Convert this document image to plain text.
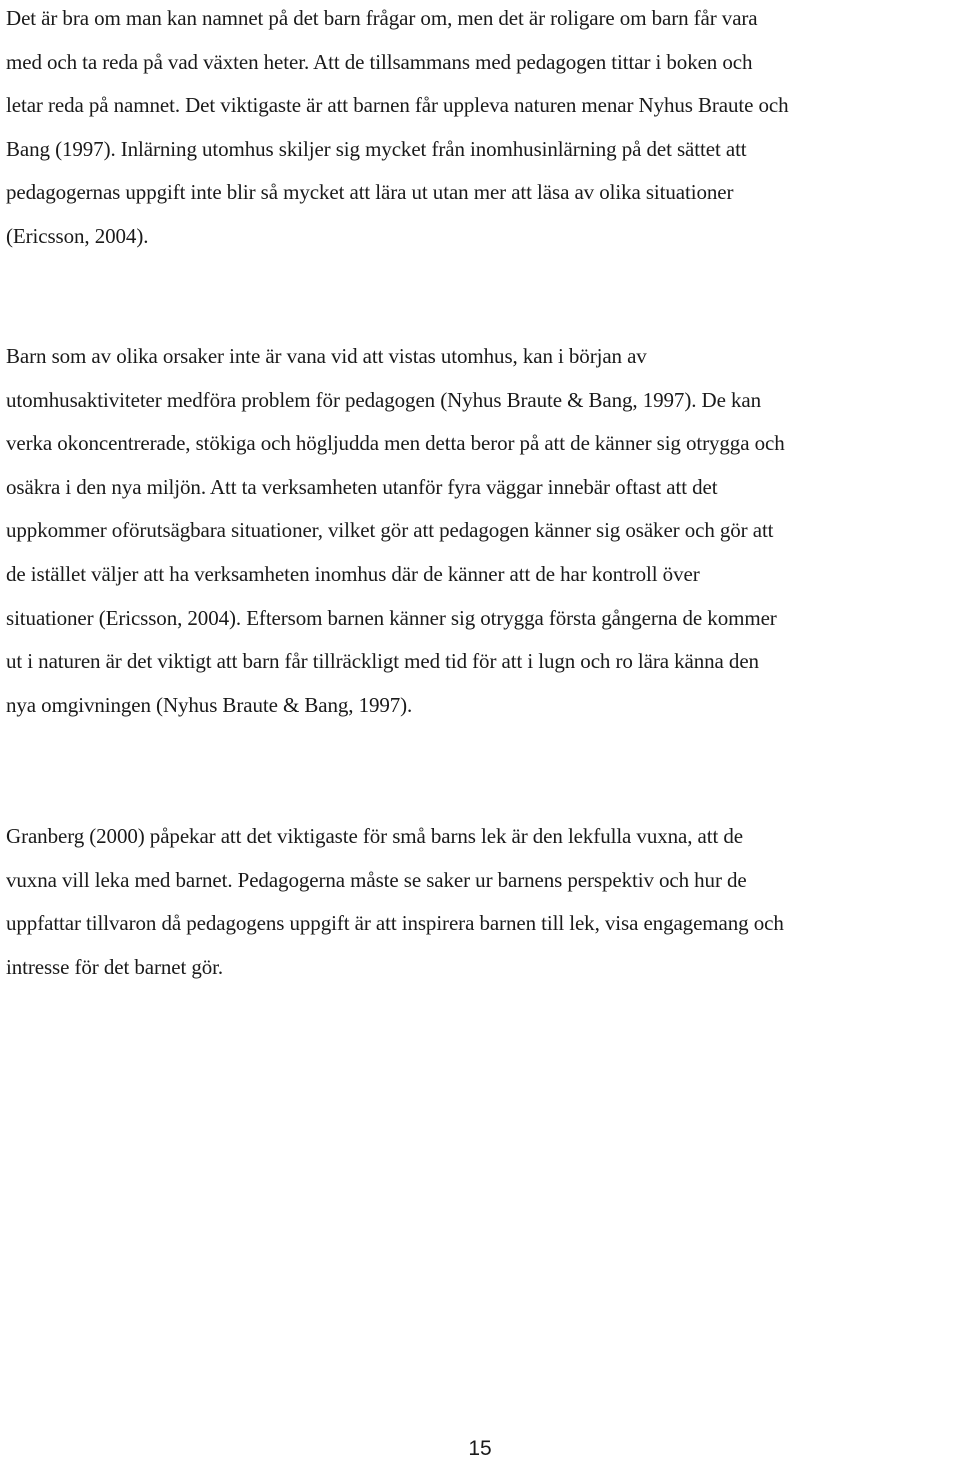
Det är bra om man kan namnet på det barn frågar om, men det är roligare om barn får vara
med och ta reda på vad växten heter. Att de tillsammans med pedagogen tittar i boken och
letar reda på namnet. Det viktigaste är att barnen får uppleva naturen menar Nyhus Braute och
Bang (1997). Inlärning utomhus skiljer sig mycket från inomhusinlärning på det sättet att
pedagogernas uppgift inte blir så mycket att lära ut utan mer att läsa av olika situationer
(Ericsson, 2004).

Barn som av olika orsaker inte är vana vid att vistas utomhus, kan i början av
utomhusaktiviteter medföra problem för pedagogen (Nyhus Braute & Bang, 1997). De kan
verka okoncentrerade, stökiga och högljudda men detta beror på att de känner sig otrygga och
osäkra i den nya miljön. Att ta verksamheten utanför fyra väggar innebär oftast att det
uppkommer oförutsägbara situationer, vilket gör att pedagogen känner sig osäker och gör att
de istället väljer att ha verksamheten inomhus där de känner att de har kontroll över
situationer (Ericsson, 2004). Eftersom barnen känner sig otrygga första gångerna de kommer
ut i naturen är det viktigt att barn får tillräckligt med tid för att i lugn och ro lära känna den
nya omgivningen (Nyhus Braute & Bang, 1997).

Granberg (2000) påpekar att det viktigaste för små barns lek är den lekfulla vuxna, att de
vuxna vill leka med barnet. Pedagogerna måste se saker ur barnens perspektiv och hur de
uppfattar tillvaron då pedagogens uppgift är att inspirera barnen till lek, visa engagemang och
intresse för det barnet gör.

15
